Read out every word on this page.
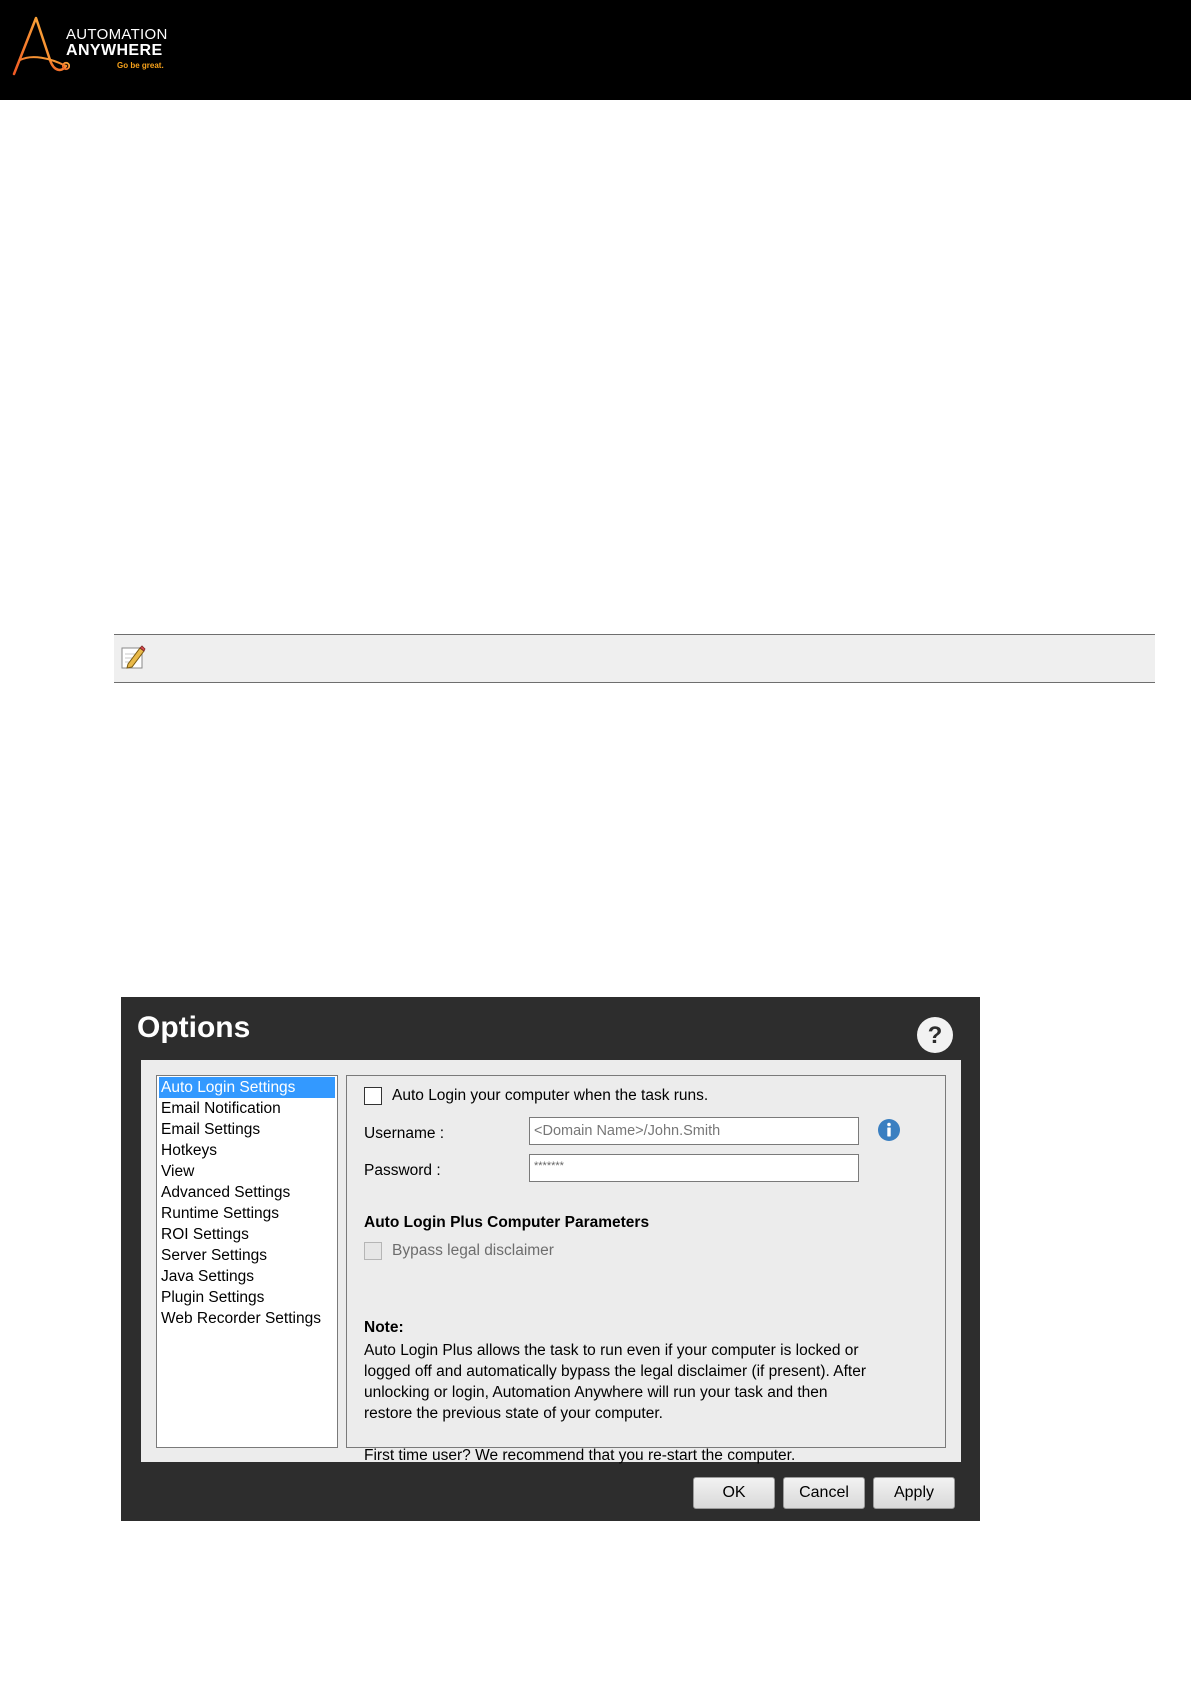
AUTOMATION
ANYWHERE
Go be great.
Options	?
Auto Login Settings
Email Notification
Email Settings
Hotkeys
View
Advanced Settings
Runtime Settings
ROI Settings
Server Settings
Java Settings
Plugin Settings
Web Recorder Settings
Auto Login your computer when the task runs.
Username :	<Domain Name>/John.Smith
Password :	*******
Auto Login Plus Computer Parameters
Bypass legal disclaimer

Note:

Auto Login Plus allows the task to run even if your computer is locked or

logged off and automatically bypass the legal disclaimer (if present). After

unlocking or login, Automation Anywhere will run your task and then

restore the previous state of your computer.

First time user? We recommend that you re-start the computer.

OK	Cancel	Apply
